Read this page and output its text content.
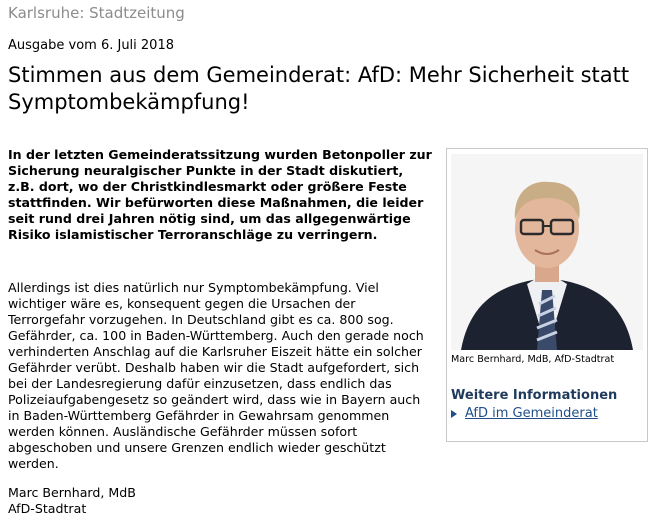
Karlsruhe: Stadtzeitung
Ausgabe vom 6. Juli 2018
Stimmen aus dem Gemeinderat: AfD: Mehr Sicherheit statt Symptombekämpfung!

In der letzten Gemeinderatssitzung wurden Betonpoller zur Sicherung neuralgischer Punkte in der Stadt diskutiert, z.B. dort, wo der Christkindlesmarkt oder größere Feste stattfinden. Wir befürworten diese Maßnahmen, die leider seit rund drei Jahren nötig sind, um das allgegenwärtige Risiko islamistischer Terroranschläge zu verringern.

Allerdings ist dies natürlich nur Symptombekämpfung. Viel wichtiger wäre es, konsequent gegen die Ursachen der Terrorgefahr vorzugehen. In Deutschland gibt es ca. 800 sog. Gefährder, ca. 100 in Baden-Württemberg. Auch den gerade noch verhinderten Anschlag auf die Karlsruher Eiszeit hätte ein solcher Gefährder verübt. Deshalb haben wir die Stadt aufgefordert, sich bei der Landesregierung dafür einzusetzen, dass endlich das Polizeiaufgabengesetz so geändert wird, dass wie in Bayern auch in Baden-Württemberg Gefährder in Gewahrsam genommen werden können. Ausländische Gefährder müssen sofort abgeschoben und unsere Grenzen endlich wieder geschützt werden.

Marc Bernhard, MdB
AfD-Stadtrat
Marc Bernhard, MdB, AfD-Stadtrat
Weitere Informationen
AfD im Gemeinderat
